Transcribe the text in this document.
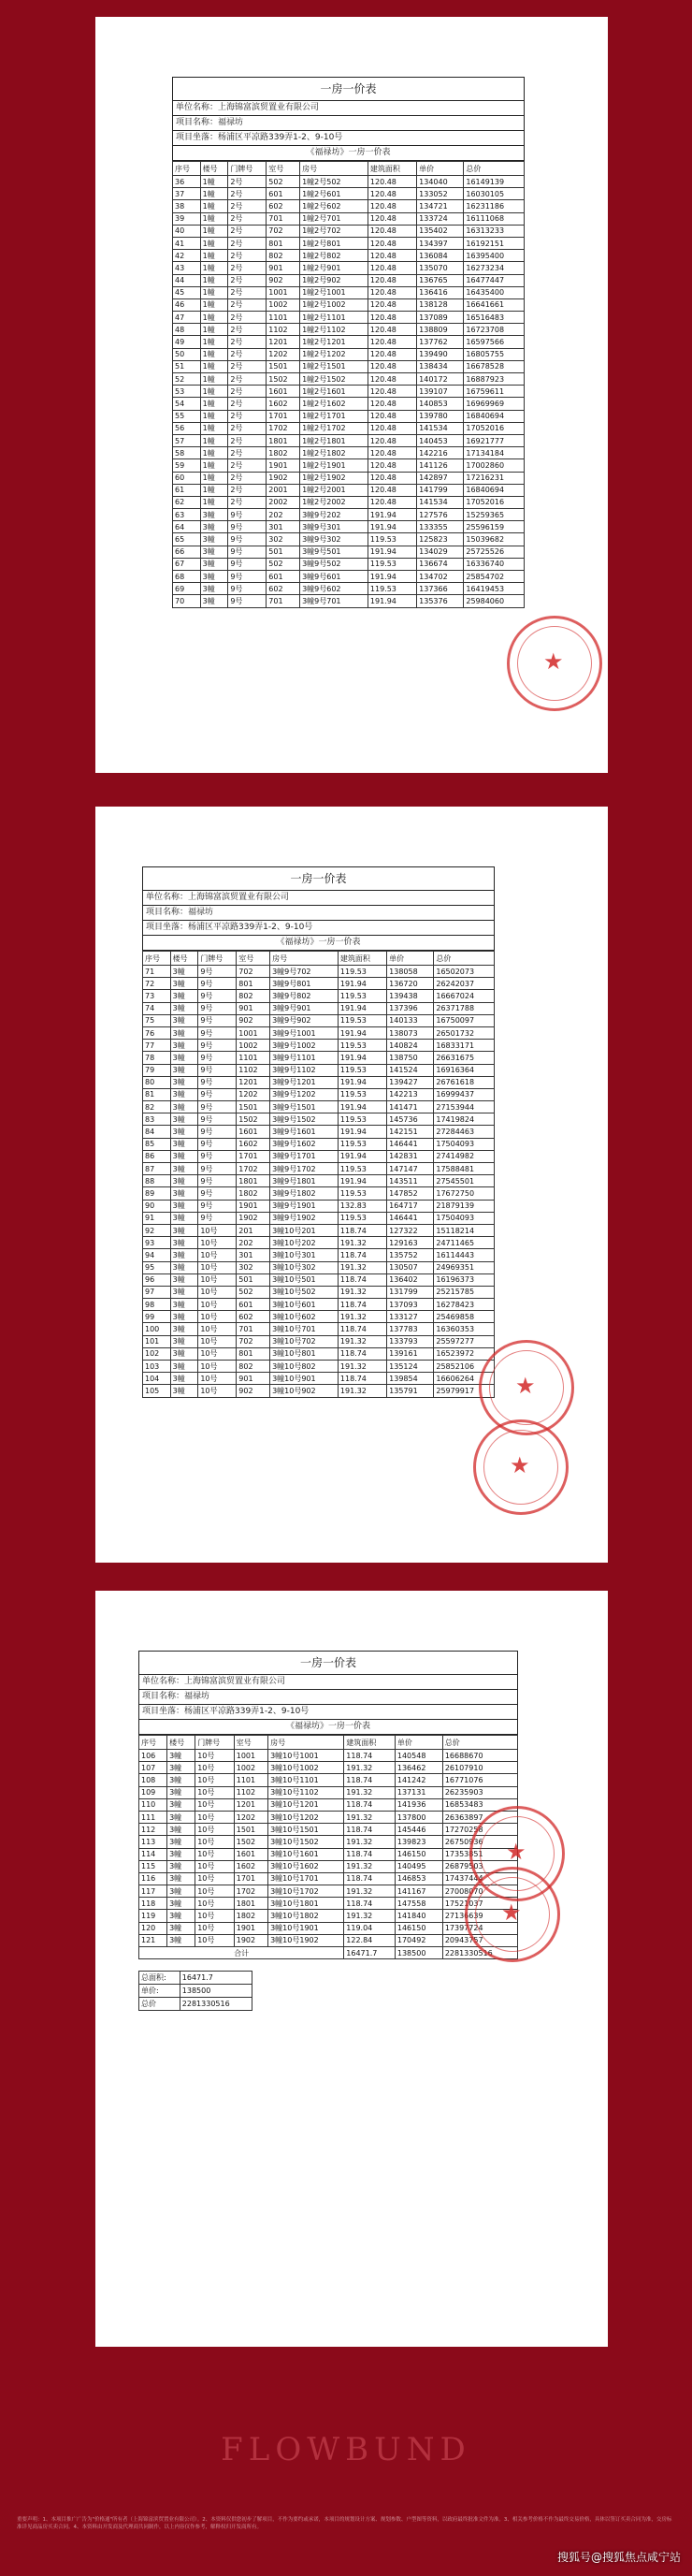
一房一价表
单位名称：上海锦富滨贸置业有限公司
项目名称：福禄坊
项目坐落：杨浦区平凉路339弄1-2、9-10号
《福禄坊》一房一价表
序号	楼号	门牌号	室号	房号	建筑面积	单价	总价
36	1幢	2号	502	1幢2号502	120.48	134040	16149139
37	1幢	2号	601	1幢2号601	120.48	133052	16030105
38	1幢	2号	602	1幢2号602	120.48	134721	16231186
39	1幢	2号	701	1幢2号701	120.48	133724	16111068
40	1幢	2号	702	1幢2号702	120.48	135402	16313233
41	1幢	2号	801	1幢2号801	120.48	134397	16192151
42	1幢	2号	802	1幢2号802	120.48	136084	16395400
43	1幢	2号	901	1幢2号901	120.48	135070	16273234
44	1幢	2号	902	1幢2号902	120.48	136765	16477447
45	1幢	2号	1001	1幢2号1001	120.48	136416	16435400
46	1幢	2号	1002	1幢2号1002	120.48	138128	16641661
47	1幢	2号	1101	1幢2号1101	120.48	137089	16516483
48	1幢	2号	1102	1幢2号1102	120.48	138809	16723708
49	1幢	2号	1201	1幢2号1201	120.48	137762	16597566
50	1幢	2号	1202	1幢2号1202	120.48	139490	16805755
51	1幢	2号	1501	1幢2号1501	120.48	138434	16678528
52	1幢	2号	1502	1幢2号1502	120.48	140172	16887923
53	1幢	2号	1601	1幢2号1601	120.48	139107	16759611
54	1幢	2号	1602	1幢2号1602	120.48	140853	16969969
55	1幢	2号	1701	1幢2号1701	120.48	139780	16840694
56	1幢	2号	1702	1幢2号1702	120.48	141534	17052016
57	1幢	2号	1801	1幢2号1801	120.48	140453	16921777
58	1幢	2号	1802	1幢2号1802	120.48	142216	17134184
59	1幢	2号	1901	1幢2号1901	120.48	141126	17002860
60	1幢	2号	1902	1幢2号1902	120.48	142897	17216231
61	1幢	2号	2001	1幢2号2001	120.48	141799	16840694
62	1幢	2号	2002	1幢2号2002	120.48	141534	17052016
63	3幢	9号	202	3幢9号202	191.94	127576	15259365
64	3幢	9号	301	3幢9号301	191.94	133355	25596159
65	3幢	9号	302	3幢9号302	119.53	125823	15039682
66	3幢	9号	501	3幢9号501	191.94	134029	25725526
67	3幢	9号	502	3幢9号502	119.53	136674	16336740
68	3幢	9号	601	3幢9号601	191.94	134702	25854702
69	3幢	9号	602	3幢9号602	119.53	137366	16419453
70	3幢	9号	701	3幢9号701	191.94	135376	25984060
★
一房一价表
单位名称：上海锦富滨贸置业有限公司
项目名称：福禄坊
项目坐落：杨浦区平凉路339弄1-2、9-10号
《福禄坊》一房一价表
序号	楼号	门牌号	室号	房号	建筑面积	单价	总价
71	3幢	9号	702	3幢9号702	119.53	138058	16502073
72	3幢	9号	801	3幢9号801	191.94	136720	26242037
73	3幢	9号	802	3幢9号802	119.53	139438	16667024
74	3幢	9号	901	3幢9号901	191.94	137396	26371788
75	3幢	9号	902	3幢9号902	119.53	140133	16750097
76	3幢	9号	1001	3幢9号1001	191.94	138073	26501732
77	3幢	9号	1002	3幢9号1002	119.53	140824	16833171
78	3幢	9号	1101	3幢9号1101	191.94	138750	26631675
79	3幢	9号	1102	3幢9号1102	119.53	141524	16916364
80	3幢	9号	1201	3幢9号1201	191.94	139427	26761618
81	3幢	9号	1202	3幢9号1202	119.53	142213	16999437
82	3幢	9号	1501	3幢9号1501	191.94	141471	27153944
83	3幢	9号	1502	3幢9号1502	119.53	145736	17419824
84	3幢	9号	1601	3幢9号1601	191.94	142151	27284463
85	3幢	9号	1602	3幢9号1602	119.53	146441	17504093
86	3幢	9号	1701	3幢9号1701	191.94	142831	27414982
87	3幢	9号	1702	3幢9号1702	119.53	147147	17588481
88	3幢	9号	1801	3幢9号1801	191.94	143511	27545501
89	3幢	9号	1802	3幢9号1802	119.53	147852	17672750
90	3幢	9号	1901	3幢9号1901	132.83	164717	21879139
91	3幢	9号	1902	3幢9号1902	119.53	146441	17504093
92	3幢	10号	201	3幢10号201	118.74	127322	15118214
93	3幢	10号	202	3幢10号202	191.32	129163	24711465
94	3幢	10号	301	3幢10号301	118.74	135752	16114443
95	3幢	10号	302	3幢10号302	191.32	130507	24969351
96	3幢	10号	501	3幢10号501	118.74	136402	16196373
97	3幢	10号	502	3幢10号502	191.32	131799	25215785
98	3幢	10号	601	3幢10号601	118.74	137093	16278423
99	3幢	10号	602	3幢10号602	191.32	133127	25469858
100	3幢	10号	701	3幢10号701	118.74	137783	16360353
101	3幢	10号	702	3幢10号702	191.32	133793	25597277
102	3幢	10号	801	3幢10号801	118.74	139161	16523972
103	3幢	10号	802	3幢10号802	191.32	135124	25852106
104	3幢	10号	901	3幢10号901	118.74	139854	16606264
105	3幢	10号	902	3幢10号902	191.32	135791	25979917 ★
★
一房一价表
单位名称：上海锦富滨贸置业有限公司
项目名称：福禄坊
项目坐落：杨浦区平凉路339弄1-2、9-10号
《福禄坊》一房一价表
序号	楼号	门牌号	室号	房号	建筑面积	单价	总价
106	3幢	10号	1001	3幢10号1001	118.74	140548	16688670
107	3幢	10号	1002	3幢10号1002	191.32	136462	26107910
108	3幢	10号	1101	3幢10号1101	118.74	141242	16771076
109	3幢	10号	1102	3幢10号1102	191.32	137131	26235903
110	3幢	10号	1201	3幢10号1201	118.74	141936	16853483
111	3幢	10号	1202	3幢10号1202	191.32	137800	26363897
112	3幢	10号	1501	3幢10号1501	118.74	145446	17270258
113	3幢	10号	1502	3幢10号1502	191.32	139823	26750936
114	3幢	10号	1601	3幢10号1601	118.74	146150	17353851
115	3幢	10号	1602	3幢10号1602	191.32	140495	26879503
116	3幢	10号	1701	3幢10号1701	118.74	146853	17437444
117	3幢	10号	1702	3幢10号1702	191.32	141167	27008070
118	3幢	10号	1801	3幢10号1801	118.74	147558	17521037
119	3幢	10号	1802	3幢10号1802	191.32	141840	27136639
120	3幢	10号	1901	3幢10号1901	119.04	146150	17397724
121	3幢	10号	1902	3幢10号1902	122.84	170492	20943757
合计					16471.7	138500	2281330516
总面积:	16471.7
单价:	138500
总价	2281330516
★
★
FLOWBUND
重要声明：1、本项目推广广告为"价格通"所有者（上海锦富滨贸置业有限公司）。2、本资料仅供您初步了解项目，不作为要约或承诺，本项目的规划设计方案、规划参数、户型图等资料，以政府最终批准文件为准。3、相关参考价格不作为最终交易价格，具体以签订买卖合同为准，交房标准详见商品房买卖合同。4、本资料由开发商及代理商共同制作，以上内容仅作参考，解释权归开发商所有。
搜狐号@搜狐焦点咸宁站
